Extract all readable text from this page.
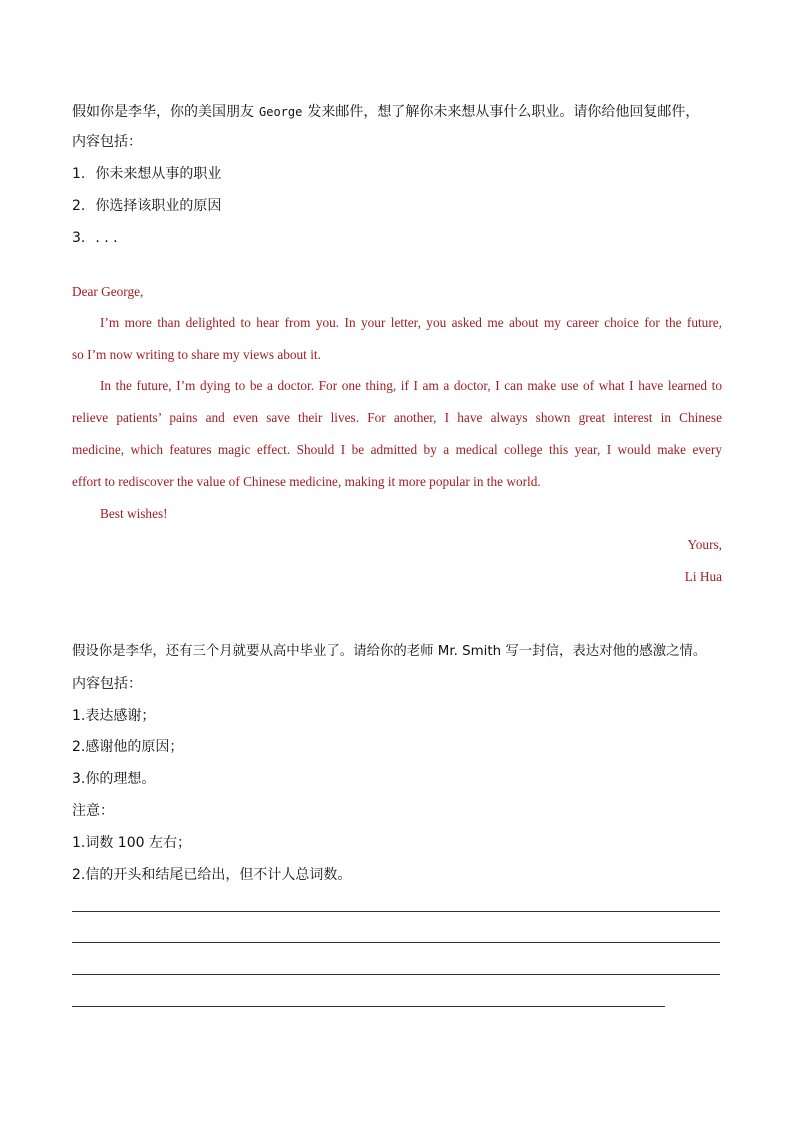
假如你是李华，你的美国朋友 George 发来邮件，想了解你未来想从事什么职业。请你给他回复邮件，
内容包括：
1. 你未来想从事的职业
2. 你选择该职业的原因
3. . . .
Dear George,
I’m more than delighted to hear from you. In your letter, you asked me about my career choice for the future,
so I’m now writing to share my views about it.
In the future, I’m dying to be a doctor. For one thing, if I am a doctor, I can make use of what I have learned to
relieve patients’ pains and even save their lives. For another, I have always shown great interest in Chinese
medicine, which features magic effect. Should I be admitted by a medical college this year, I would make every
effort to rediscover the value of Chinese medicine, making it more popular in the world.
Best wishes!
Yours,
Li Hua
假设你是李华，还有三个月就要从高中毕业了。请给你的老师 Mr. Smith 写一封信，表达对他的感激之情。
内容包括：
1.表达感谢；
2.感谢他的原因；
3.你的理想。
注意：
1.词数 100 左右；
2.信的开头和结尾已给出，但不计人总词数。
